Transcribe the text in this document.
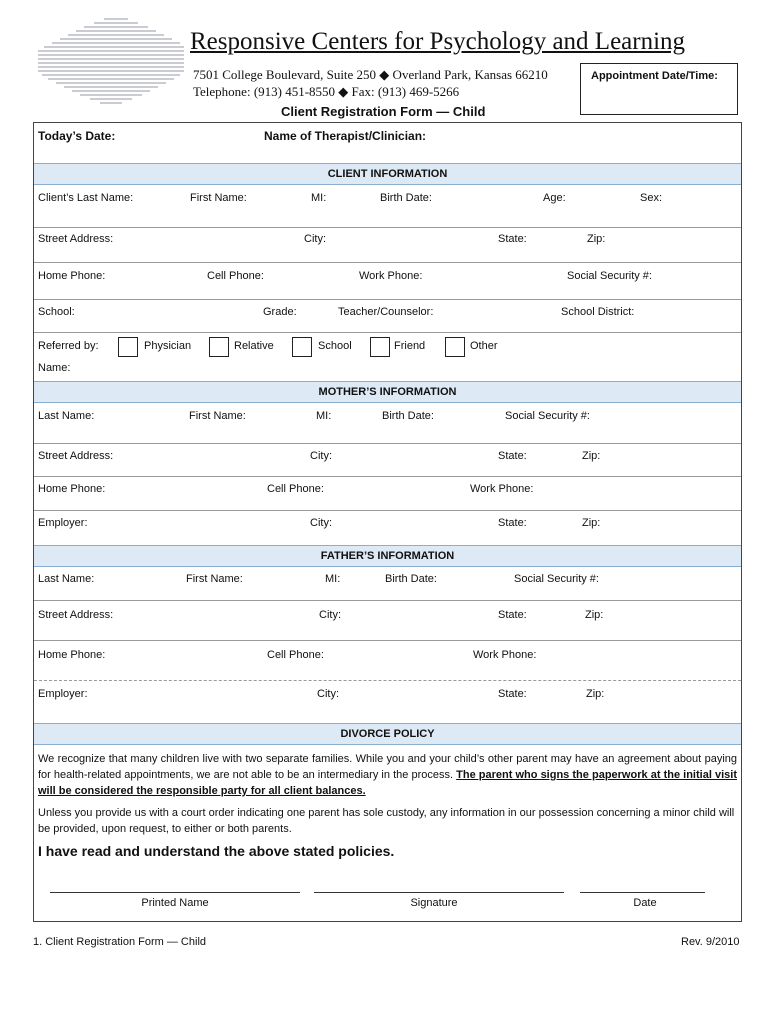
Responsive Centers for Psychology and Learning
7501 College Boulevard, Suite 250 ◆ Overland Park, Kansas 66210
Telephone: (913) 451-8550 ◆ Fax: (913) 469-5266
Appointment Date/Time:
Client Registration Form — Child
Today’s Date:	Name of Therapist/Clinician:
CLIENT INFORMATION
Client’s Last Name:	First Name:	MI:	Birth Date:	Age:	Sex:
Street Address:	City:	State:	Zip:
Home Phone:	Cell Phone:	Work Phone:	Social Security #:
School:	Grade:	Teacher/Counselor:	School District:
Referred by:	Physician	Relative	School	Friend	Other
Name:
MOTHER’S INFORMATION
Last Name:	First Name:	MI:	Birth Date:	Social Security #:
Street Address:	City:	State:	Zip:
Home Phone:	Cell Phone:	Work Phone:
Employer:	City:	State:	Zip:
FATHER’S INFORMATION
Last Name:	First Name:	MI:	Birth Date:	Social Security #:
Street Address:	City:	State:	Zip:
Home Phone:	Cell Phone:	Work Phone:
Employer:	City:	State:	Zip:
DIVORCE POLICY
We recognize that many children live with two separate families. While you and your child’s other parent may have an agreement about paying for health-related appointments, we are not able to be an intermediary in the process. The parent who signs the paperwork at the initial visit will be considered the responsible party for all client balances.
Unless you provide us with a court order indicating one parent has sole custody, any information in our possession concerning a minor child will be provided, upon request, to either or both parents.
I have read and understand the above stated policies.
Printed Name	Signature	Date
1. Client Registration Form — Child	Rev. 9/2010
